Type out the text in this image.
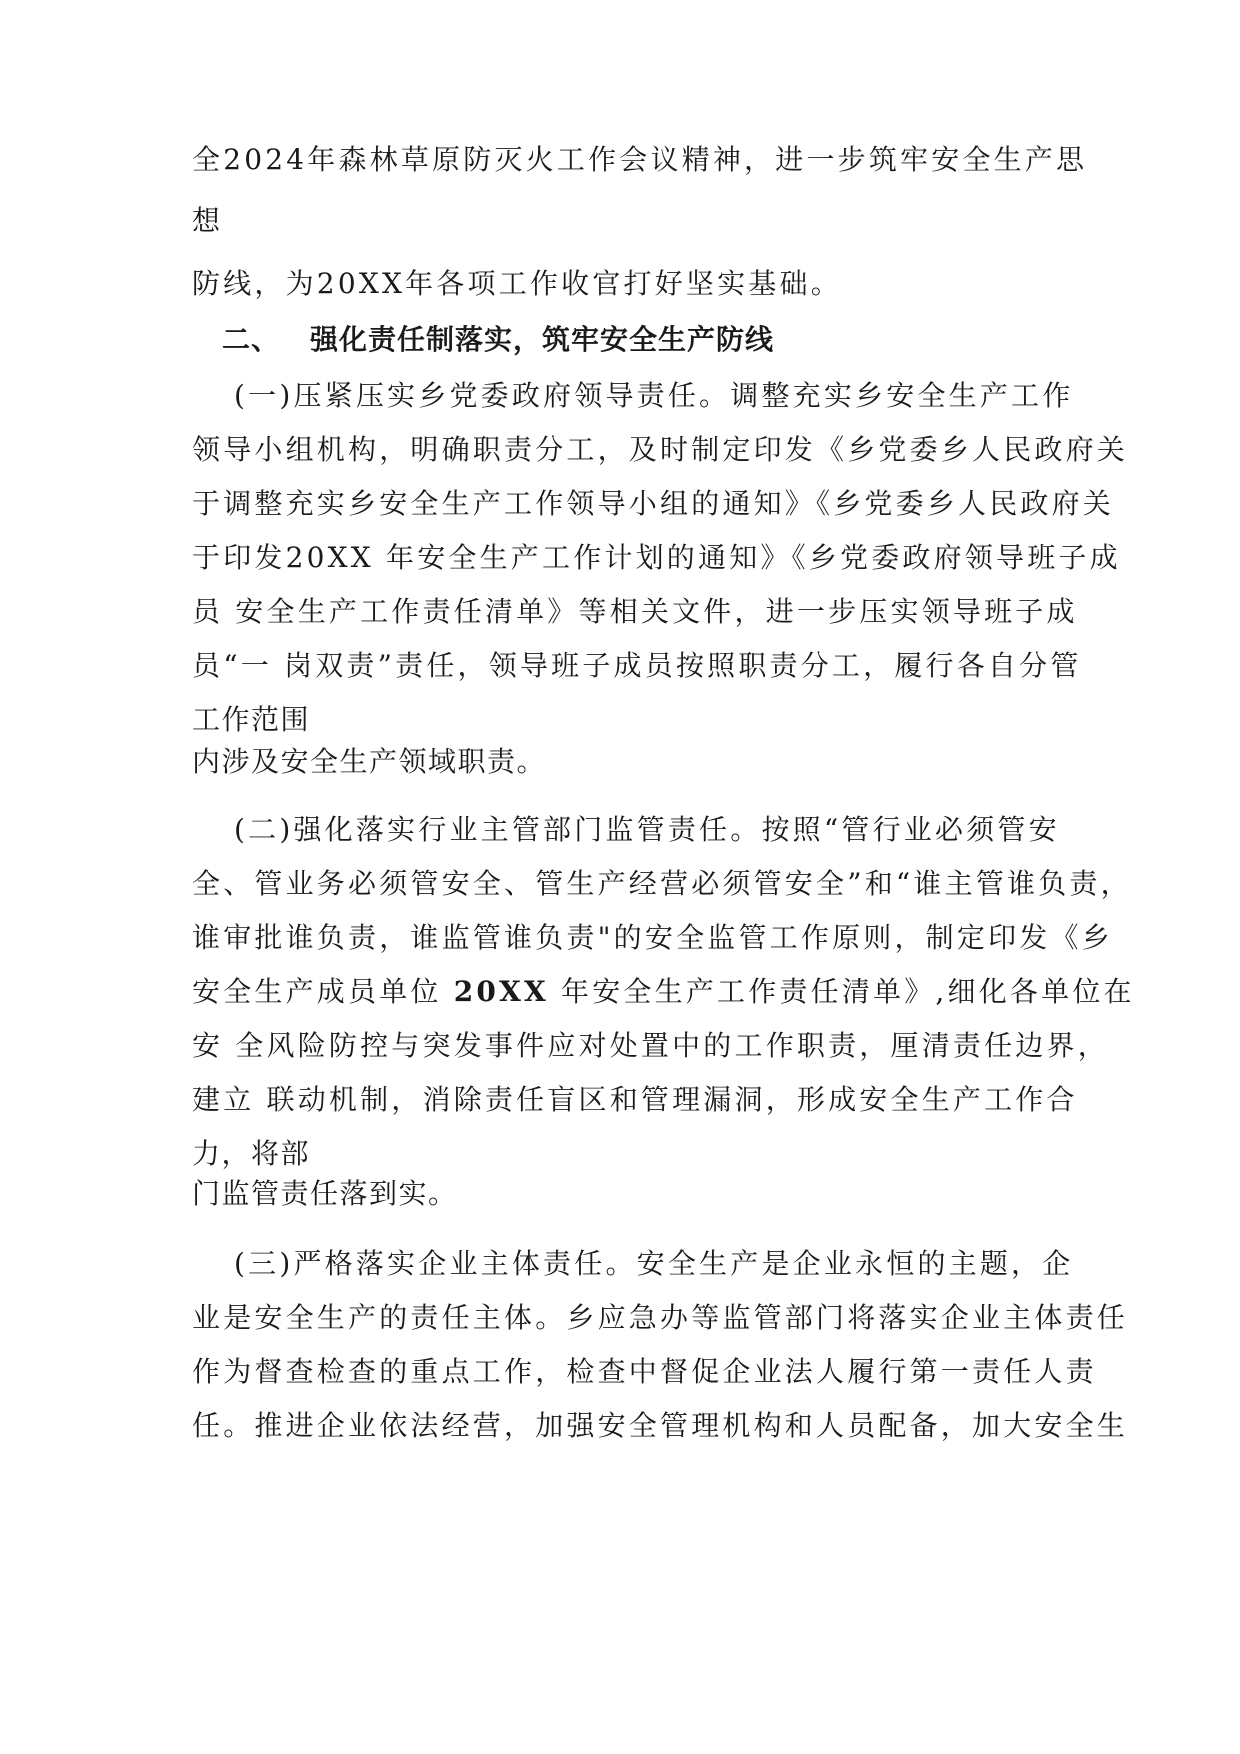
全2024年森林草原防灭火工作会议精神，进一步筑牢安全生产思
想
防线，为20XX年各项工作收官打好坚实基础。
二、 强化责任制落实，筑牢安全生产防线
(一)压紧压实乡党委政府领导责任。调整充实乡安全生产工作
领导小组机构，明确职责分工，及时制定印发《乡党委乡人民政府关
于调整充实乡安全生产工作领导小组的通知》《乡党委乡人民政府关
于印发20XX 年安全生产工作计划的通知》《乡党委政府领导班子成
员 安全生产工作责任清单》等相关文件，进一步压实领导班子成
员“一 岗双责”责任，领导班子成员按照职责分工，履行各自分管
工作范围
内涉及安全生产领域职责。
(二)强化落实行业主管部门监管责任。按照“管行业必须管安
全、管业务必须管安全、管生产经营必须管安全”和“谁主管谁负责，
谁审批谁负责，谁监管谁负责"的安全监管工作原则，制定印发《乡
安全生产成员单位 20XX 年安全生产工作责任清单》,细化各单位在
安 全风险防控与突发事件应对处置中的工作职责，厘清责任边界，
建立 联动机制，消除责任盲区和管理漏洞，形成安全生产工作合
力，将部
门监管责任落到实。
(三)严格落实企业主体责任。安全生产是企业永恒的主题，企
业是安全生产的责任主体。乡应急办等监管部门将落实企业主体责任
作为督查检查的重点工作，检查中督促企业法人履行第一责任人责
任。推进企业依法经营，加强安全管理机构和人员配备，加大安全生
